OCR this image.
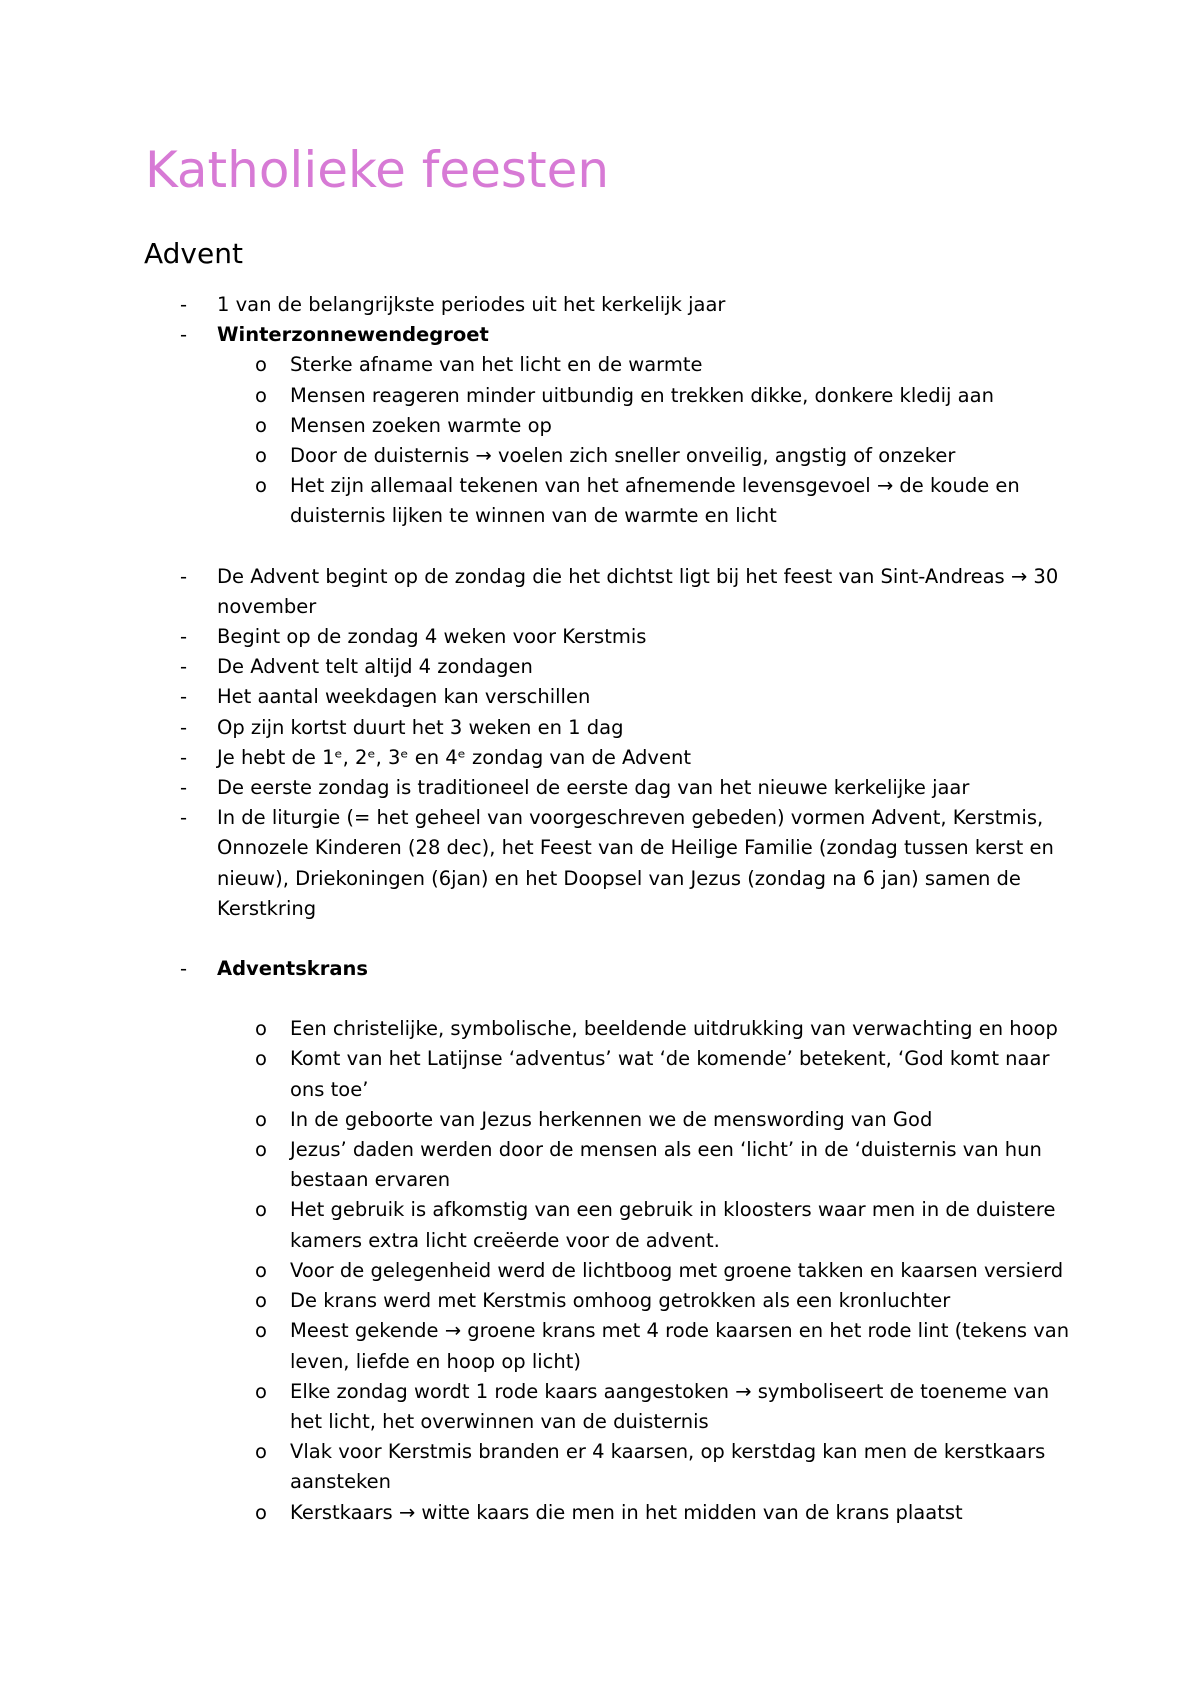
Katholieke feesten
Advent
- 1 van de belangrijkste periodes uit het kerkelijk jaar
- Winterzonnewendegroet
o Sterke afname van het licht en de warmte
o Mensen reageren minder uitbundig en trekken dikke, donkere kledij aan
o Mensen zoeken warmte op
o Door de duisternis → voelen zich sneller onveilig, angstig of onzeker
o Het zijn allemaal tekenen van het afnemende levensgevoel → de koude en duisternis lijken te winnen van de warmte en licht
- De Advent begint op de zondag die het dichtst ligt bij het feest van Sint-Andreas → 30 november
- Begint op de zondag 4 weken voor Kerstmis
- De Advent telt altijd 4 zondagen
- Het aantal weekdagen kan verschillen
- Op zijn kortst duurt het 3 weken en 1 dag
- Je hebt de 1ᵉ, 2ᵉ, 3ᵉ en 4ᵉ zondag van de Advent
- De eerste zondag is traditioneel de eerste dag van het nieuwe kerkelijke jaar
- In de liturgie (= het geheel van voorgeschreven gebeden) vormen Advent, Kerstmis, Onnozele Kinderen (28 dec), het Feest van de Heilige Familie (zondag tussen kerst en nieuw), Driekoningen (6jan) en het Doopsel van Jezus (zondag na 6 jan) samen de Kerstkring
- Adventskrans
o Een christelijke, symbolische, beeldende uitdrukking van verwachting en hoop
o Komt van het Latijnse ‘adventus’ wat ‘de komende’ betekent, ‘God komt naar ons toe’
o In de geboorte van Jezus herkennen we de menswording van God
o Jezus’ daden werden door de mensen als een ‘licht’ in de ‘duisternis van hun bestaan ervaren
o Het gebruik is afkomstig van een gebruik in kloosters waar men in de duistere kamers extra licht creëerde voor de advent.
o Voor de gelegenheid werd de lichtboog met groene takken en kaarsen versierd
o De krans werd met Kerstmis omhoog getrokken als een kronluchter
o Meest gekende → groene krans met 4 rode kaarsen en het rode lint (tekens van leven, liefde en hoop op licht)
o Elke zondag wordt 1 rode kaars aangestoken → symboliseert de toeneme van het licht, het overwinnen van de duisternis
o Vlak voor Kerstmis branden er 4 kaarsen, op kerstdag kan men de kerstkaars aansteken
o Kerstkaars → witte kaars die men in het midden van de krans plaatst
